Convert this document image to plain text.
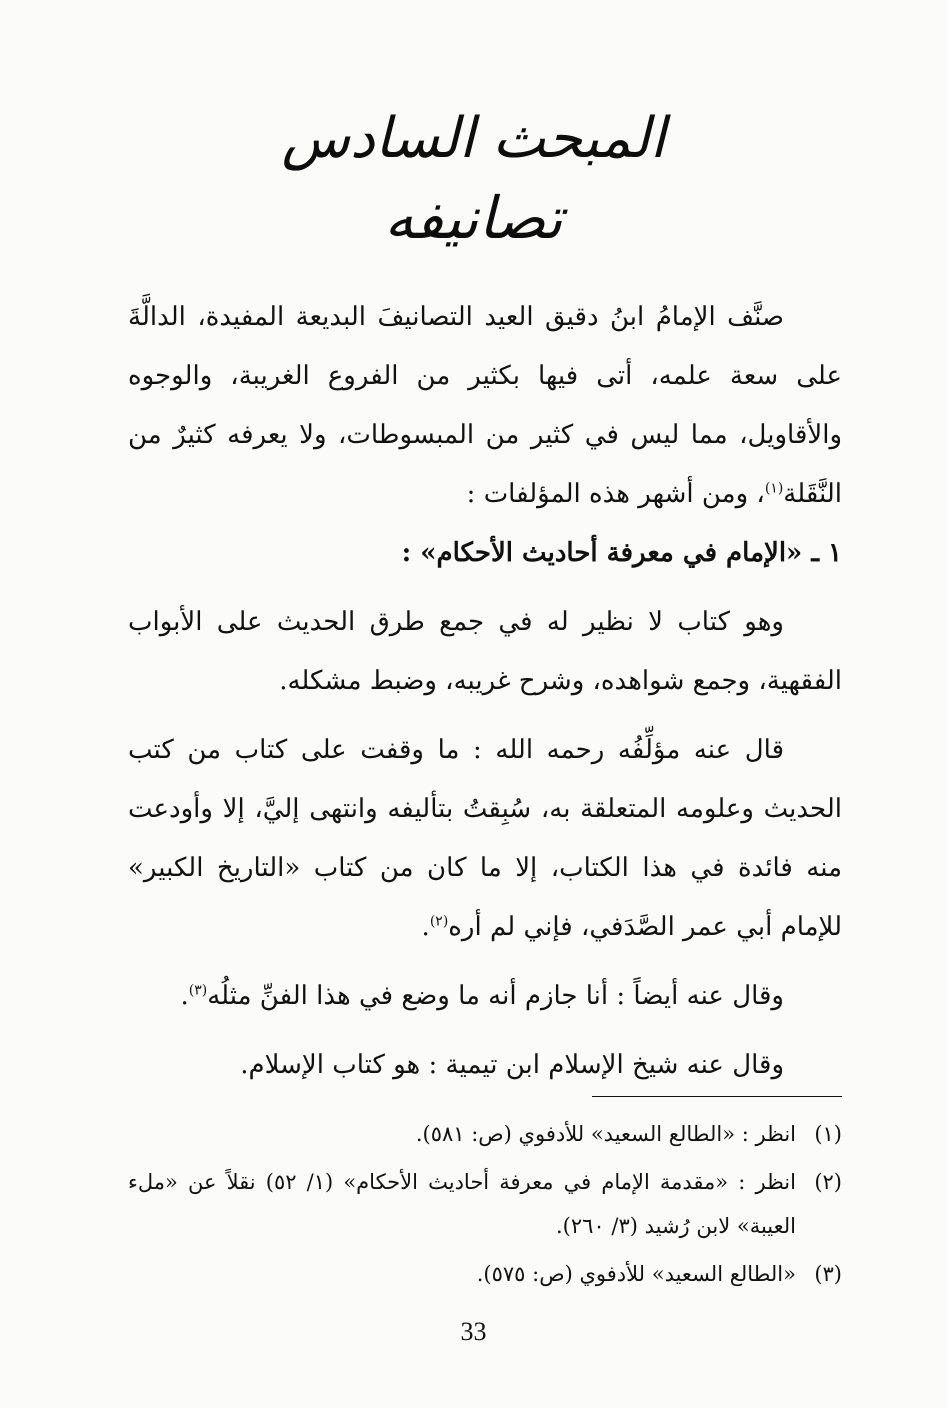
المبحث السادس
تصانيفه

صنَّف الإمامُ ابنُ دقيق العيد التصانيفَ البديعة المفيدة، الدالَّةَ على سعة علمه، أتى فيها بكثير من الفروع الغريبة، والوجوه والأقاويل، مما ليس في كثير من المبسوطات، ولا يعرفه كثيرٌ من النَّقَلة$^{(١)}$، ومن أشهر هذه المؤلفات :

١ ـ «الإمام في معرفة أحاديث الأحكام» :

وهو كتاب لا نظير له في جمع طرق الحديث على الأبواب الفقهية، وجمع شواهده، وشرح غريبه، وضبط مشكله.

قال عنه مؤلِّفُه رحمه الله : ما وقفت على كتاب من كتب الحديث وعلومه المتعلقة به، سُبِقتُ بتأليفه وانتهى إليَّ، إلا وأودعت منه فائدة في هذا الكتاب، إلا ما كان من كتاب «التاريخ الكبير» للإمام أبي عمر الصَّدَفي، فإني لم أره$^{(٢)}$.

وقال عنه أيضاً : أنا جازم أنه ما وضع في هذا الفنِّ مثلُه$^{(٣)}$.

وقال عنه شيخ الإسلام ابن تيمية : هو كتاب الإسلام.

(١)
انظر : «الطالع السعيد» للأدفوي (ص: ٥٨١).
(٢)
انظر : «مقدمة الإمام في معرفة أحاديث الأحكام» (١/ ٥٢) نقلاً عن «ملء العيبة» لابن رُشيد (٣/ ٢٦٠).
(٣)
«الطالع السعيد» للأدفوي (ص: ٥٧٥).
33
